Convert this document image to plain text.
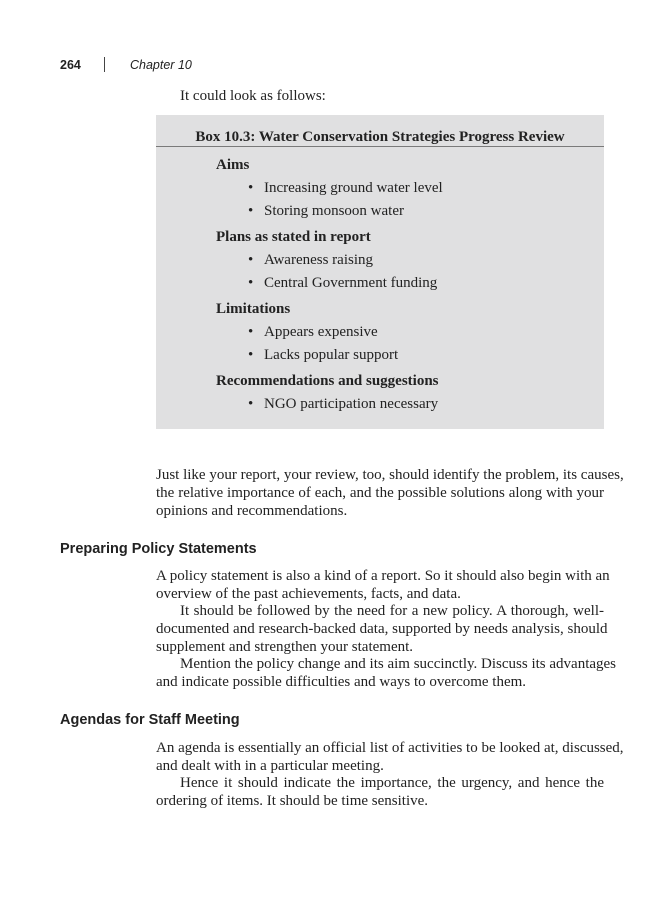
264	Chapter 10
It could look as follows:
Box 10.3: Water Conservation Strategies Progress Review
Aims
• Increasing ground water level
• Storing monsoon water
Plans as stated in report
• Awareness raising
• Central Government funding
Limitations
• Appears expensive
• Lacks popular support
Recommendations and suggestions
• NGO participation necessary
Just like your report, your review, too, should identify the problem, its causes,
the relative importance of each, and the possible solutions along with your
opinions and recommendations.
Preparing Policy Statements
A policy statement is also a kind of a report. So it should also begin with an
overview of the past achievements, facts, and data.
It should be followed by the need for a new policy. A thorough, well-
documented and research-backed data, supported by needs analysis, should
supplement and strengthen your statement.
Mention the policy change and its aim succinctly. Discuss its advantages
and indicate possible difficulties and ways to overcome them.
Agendas for Staff Meeting
An agenda is essentially an official list of activities to be looked at, discussed,
and dealt with in a particular meeting.
Hence it should indicate the importance, the urgency, and hence the
ordering of items. It should be time sensitive.
